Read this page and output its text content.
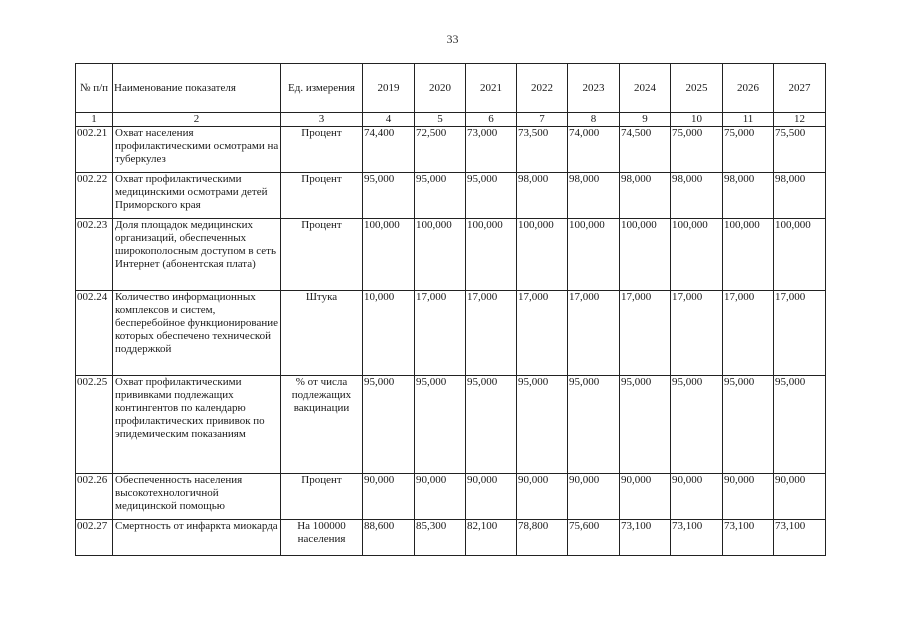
33
№ п/п	Наименование показателя	Ед. измерения	2019	2020	2021	2022	2023	2024	2025	2026	2027
1	2	3	4	5	6	7	8	9	10	11	12
002.21	Охват населения профилактическими осмотрами на туберкулез	Процент	74,400	72,500	73,000	73,500	74,000	74,500	75,000	75,000	75,500
002.22	Охват профилактическими медицинскими осмотрами детей Приморского края	Процент	95,000	95,000	95,000	98,000	98,000	98,000	98,000	98,000	98,000
002.23	Доля площадок медицинских организаций, обеспеченных широкополосным доступом в сеть Интернет (абонентская плата)	Процент	100,000	100,000	100,000	100,000	100,000	100,000	100,000	100,000	100,000
002.24	Количество информационных комплексов и систем, бесперебойное функционирование которых обеспечено технической поддержкой	Штука	10,000	17,000	17,000	17,000	17,000	17,000	17,000	17,000	17,000
002.25	Охват профилактическими прививками подлежащих контингентов по календарю профилактических прививок по эпидемическим показаниям	% от числа подлежащих вакцинации	95,000	95,000	95,000	95,000	95,000	95,000	95,000	95,000	95,000
002.26	Обеспеченность населения высокотехнологичной медицинской помощью	Процент	90,000	90,000	90,000	90,000	90,000	90,000	90,000	90,000	90,000
002.27	Смертность от инфаркта миокарда	На 100000 населения	88,600	85,300	82,100	78,800	75,600	73,100	73,100	73,100	73,100
